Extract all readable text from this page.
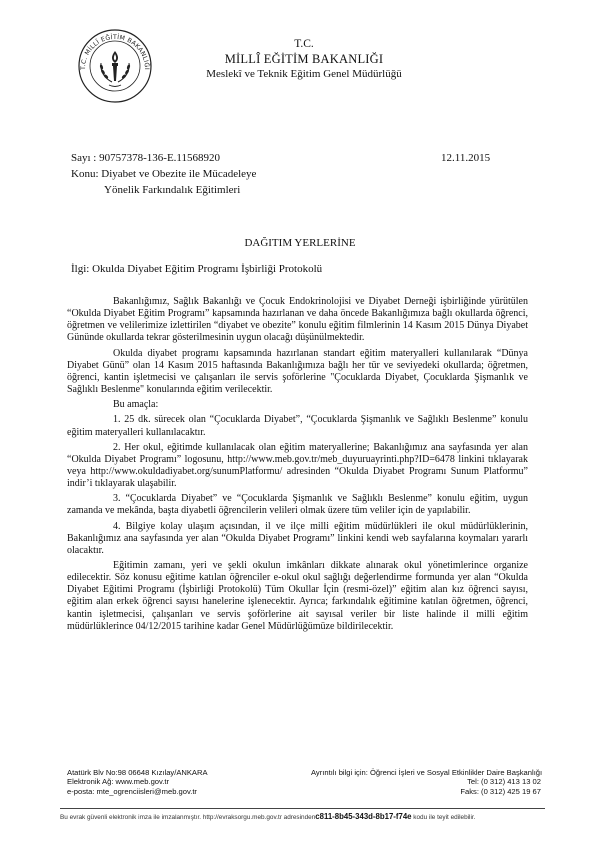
T.C. MİLLÎ EĞİTİM BAKANLIĞI
T.C.
MİLLÎ EĞİTİM BAKANLIĞI
Meslekî ve Teknik Eğitim Genel Müdürlüğü
Sayı : 90757378-136-E.11568920	12.11.2015
Konu: Diyabet ve Obezite ile Mücadeleye
Yönelik Farkındalık Eğitimleri
DAĞITIM YERLERİNE
İlgi: Okulda Diyabet Eğitim Programı İşbirliği Protokolü

Bakanlığımız, Sağlık Bakanlığı ve Çocuk Endokrinolojisi ve Diyabet Derneği işbirliğinde yürütülen “Okulda Diyabet Eğitim Programı” kapsamında hazırlanan ve daha öncede Bakanlığımıza bağlı okullarda öğrenci, öğretmen ve velilerimize izlettirilen “diyabet ve obezite” konulu eğitim filmlerinin 14 Kasım 2015 Dünya Diyabet Gününde okullarda tekrar gösterilmesinin uygun olacağı düşünülmektedir.

Okulda diyabet programı kapsamında hazırlanan standart eğitim materyalleri kullanılarak “Dünya Diyabet Günü” olan 14 Kasım 2015 haftasında Bakanlığımıza bağlı her tür ve seviyedeki okullarda; öğretmen, öğrenci, kantin işletmecisi ve çalışanları ile servis şoförlerine "Çocuklarda Diyabet, Çocuklarda Şişmanlık ve Sağlıklı Beslenme" konularında eğitim verilecektir.

Bu amaçla:

1. 25 dk. sürecek olan “Çocuklarda Diyabet”, “Çocuklarda Şişmanlık ve Sağlıklı Beslenme” konulu eğitim materyalleri kullanılacaktır.

2. Her okul, eğitimde kullanılacak olan eğitim materyallerine; Bakanlığımız ana sayfasında yer alan “Okulda Diyabet Programı” logosunu, http://www.meb.gov.tr/meb_duyuruayrinti.php?ID=6478 linkini tıklayarak veya http://www.okuldadiyabet.org/sunumPlatformu/ adresinden “Okulda Diyabet Programı Sunum Platformu” indir’i tıklayarak ulaşabilir.

3. “Çocuklarda Diyabet” ve “Çocuklarda Şişmanlık ve Sağlıklı Beslenme” konulu eğitim, uygun zamanda ve mekânda, başta diyabetli öğrencilerin velileri olmak üzere tüm veliler için de yapılabilir.

4. Bilgiye kolay ulaşım açısından, il ve ilçe milli eğitim müdürlükleri ile okul müdürlüklerinin, Bakanlığımız ana sayfasında yer alan “Okulda Diyabet Programı” linkini kendi web sayfalarına koymaları yararlı olacaktır.

Eğitimin zamanı, yeri ve şekli okulun imkânları dikkate alınarak okul yönetimlerince organize edilecektir. Söz konusu eğitime katılan öğrenciler e-okul okul sağlığı değerlendirme formunda yer alan “Okulda Diyabet Eğitimi Programı (İşbirliği Protokolü) Tüm Okullar İçin (resmi-özel)” eğitim alan kız öğrenci sayısı, eğitim alan erkek öğrenci sayısı hanelerine işlenecektir. Ayrıca; farkındalık eğitimine katılan öğretmen, öğrenci, kantin işletmecisi, çalışanları ve servis şoförlerine ait sayısal veriler bir liste halinde il milli eğitim müdürlüklerince 04/12/2015 tarihine kadar Genel Müdürlüğümüze bildirilecektir.

Atatürk Blv No:98 06648 Kızılay/ANKARA
Elektronik Ağ: www.meb.gov.tr
e-posta: mte_ogrenciisleri@meb.gov.tr
Ayrıntılı bilgi için: Öğrenci İşleri ve Sosyal Etkinlikler Daire Başkanlığı
Tel: (0 312) 413 13 02
Faks: (0 312) 425 19 67
Bu evrak güvenli elektronik imza ile imzalanmıştır. http://evraksorgu.meb.gov.tr adresindenc811-8b45-343d-8b17-f74e kodu ile teyit edilebilir.
